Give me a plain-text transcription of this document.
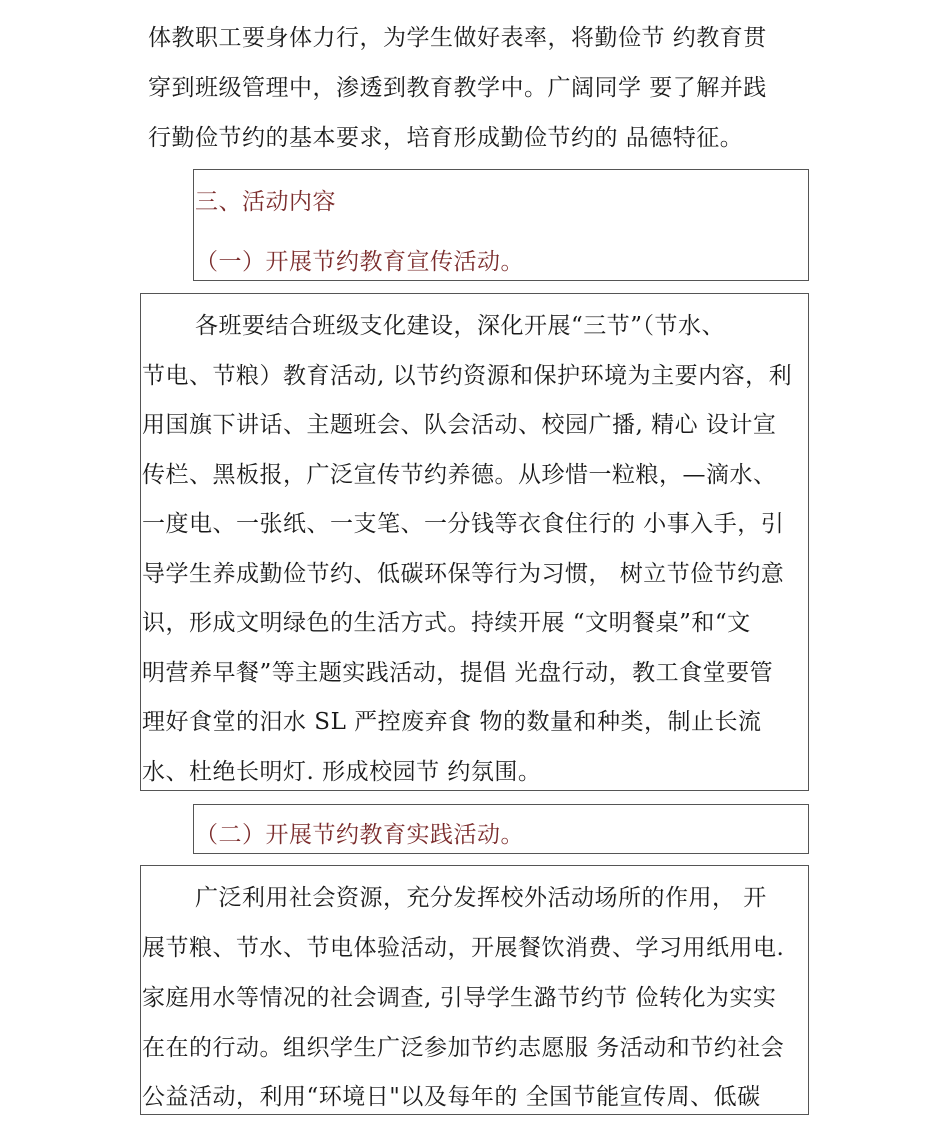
体教职工要身体力行，为学生做好表率，将勤俭节 约教育贯
穿到班级管理中，渗透到教育教学中。广阔同学 要了解并践
行勤俭节约的基本要求，培育形成勤俭节约的 品德特征。
三、活动内容
（一）开展节约教育宣传活动。
各班要结合班级支化建设，深化开展“三节”（节水、
节电、节粮）教育活动, 以节约资源和保护环境为主要内容，利
用国旗下讲话、主题班会、队会活动、校园广播, 精心 设计宣
传栏、黑板报，广泛宣传节约养德。从珍惜一粒粮，—滴水、
一度电、一张纸、一支笔、一分钱等衣食住行的 小事入手，引
导学生养成勤俭节约、低碳环保等行为习惯， 树立节俭节约意
识，形成文明绿色的生活方式。持续开展 “文明餐桌”和“文
明营养早餐”等主题实践活动，提倡 光盘行动，教工食堂要管
理好食堂的汨水 SL 严控废弃食 物的数量和种类，制止长流
水、杜绝长明灯. 形成校园节 约氛围。
（二）开展节约教育实践活动。
广泛利用社会资源，充分发挥校外活动场所的作用， 开
展节粮、节水、节电体验活动，开展餐饮消费、学习用纸用电.
家庭用水等情况的社会调查, 引导学生潞节约节 俭转化为实实
在在的行动。组织学生广泛参加节约志愿服 务活动和节约社会
公益活动，利用“环境日"以及每年的 全国节能宣传周、低碳
